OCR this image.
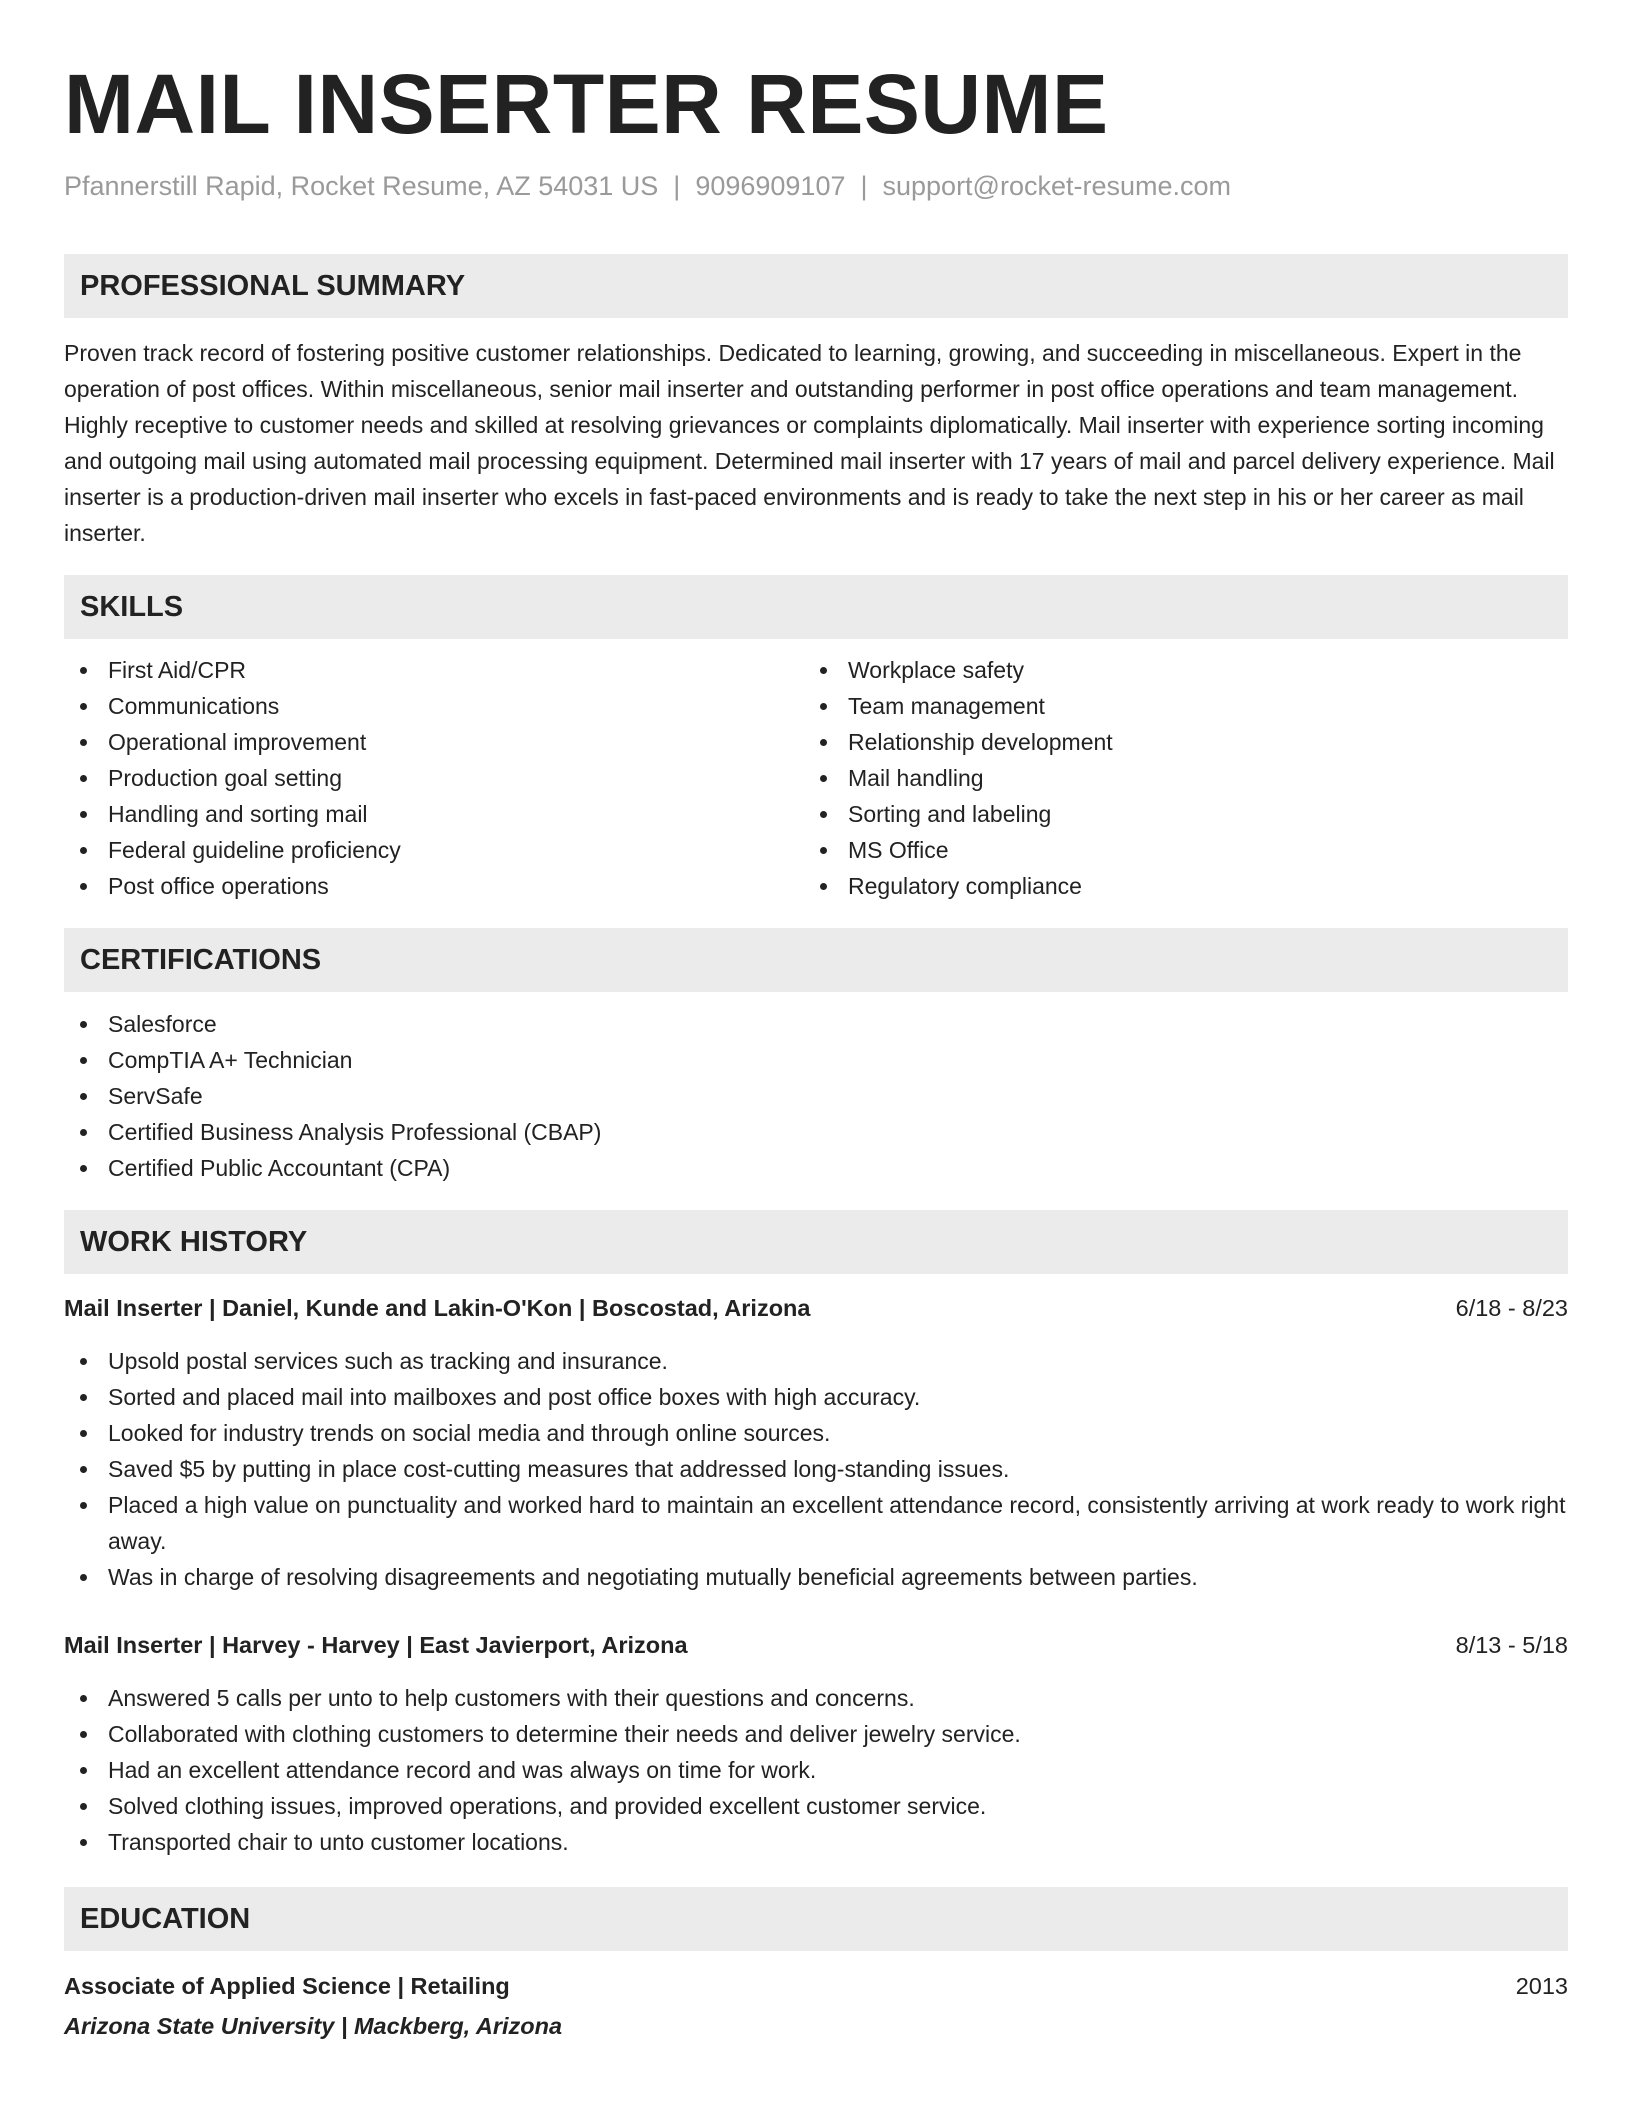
MAIL INSERTER RESUME
Pfannerstill Rapid, Rocket Resume, AZ 54031 US | 9096909107 | support@rocket-resume.com
PROFESSIONAL SUMMARY

Proven track record of fostering positive customer relationships. Dedicated to learning, growing, and succeeding in miscellaneous. Expert in the operation of post offices. Within miscellaneous, senior mail inserter and outstanding performer in post office operations and team management. Highly receptive to customer needs and skilled at resolving grievances or complaints diplomatically. Mail inserter with experience sorting incoming and outgoing mail using automated mail processing equipment. Determined mail inserter with 17 years of mail and parcel delivery experience. Mail inserter is a production-driven mail inserter who excels in fast-paced environments and is ready to take the next step in his or her career as mail inserter.

SKILLS
First Aid/CPR
Communications
Operational improvement
Production goal setting
Handling and sorting mail
Federal guideline proficiency
Post office operations
Workplace safety
Team management
Relationship development
Mail handling
Sorting and labeling
MS Office
Regulatory compliance
CERTIFICATIONS
Salesforce
CompTIA A+ Technician
ServSafe
Certified Business Analysis Professional (CBAP)
Certified Public Accountant (CPA)
WORK HISTORY
Mail Inserter | Daniel, Kunde and Lakin-O'Kon | Boscostad, Arizona	6/18 - 8/23
Upsold postal services such as tracking and insurance.
Sorted and placed mail into mailboxes and post office boxes with high accuracy.
Looked for industry trends on social media and through online sources.
Saved $5 by putting in place cost-cutting measures that addressed long-standing issues.
Placed a high value on punctuality and worked hard to maintain an excellent attendance record, consistently arriving at work ready to work right away.
Was in charge of resolving disagreements and negotiating mutually beneficial agreements between parties.
Mail Inserter | Harvey - Harvey | East Javierport, Arizona	8/13 - 5/18
Answered 5 calls per unto to help customers with their questions and concerns.
Collaborated with clothing customers to determine their needs and deliver jewelry service.
Had an excellent attendance record and was always on time for work.
Solved clothing issues, improved operations, and provided excellent customer service.
Transported chair to unto customer locations.
EDUCATION
Associate of Applied Science | Retailing	2013
Arizona State University | Mackberg, Arizona
